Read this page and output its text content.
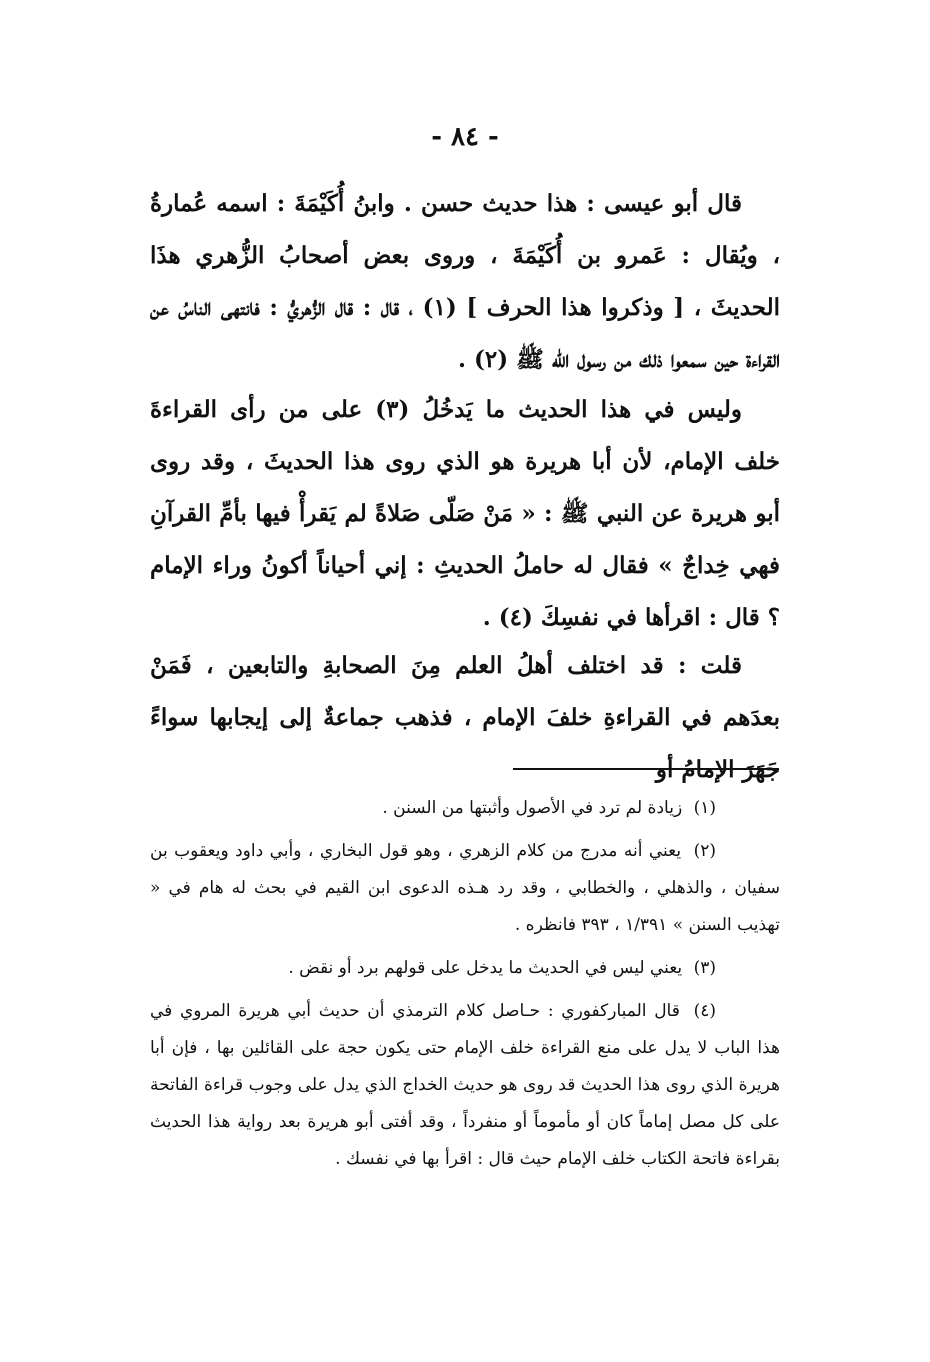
- ٨٤ -

قال أبو عيسى : هذا حديث حسن . وابنُ أُكَيْمَةَ : اسمه عُمارةُ ، ويُقال : عَمرو بن أُكَيْمَةَ ، وروى بعض أصحابُ الزُّهري هذَا الحديثَ ، [ وذكروا هذا الحرف ] (١) ، قال : قال الزُّهريُّ : فانتهى الناسُ عن القراءة حين سمعوا ذلك من رسول الله ﷺ (٢) .

وليس في هذا الحديث ما يَدخُلُ (٣) على من رأى القراءةَ خلف الإمام، لأن أبا هريرة هو الذي روى هذا الحديثَ ، وقد روى أبو هريرة عن النبي ﷺ : « مَنْ صَلّى صَلاةً لم يَقرأْ فيها بأمِّ القرآنِ فهي خِداجٌ » فقال له حاملُ الحديثِ : إني أحياناً أكونُ وراء الإمام ؟ قال : اقرأها في نفسِكَ (٤) .

قلت : قد اختلف أهلُ العلم مِنَ الصحابةِ والتابعين ، فَمَنْ بعدَهم في القراءةِ خلفَ الإمام ، فذهب جماعةٌ إلى إيجابها سواءً جَهَرَ الإمامُ أو

(١) زيادة لم ترد في الأصول وأثبتها من السنن .

(٢) يعني أنه مدرج من كلام الزهري ، وهو قول البخاري ، وأبي داود ويعقوب بن سفيان ، والذهلي ، والخطابي ، وقد رد هـذه الدعوى ابن القيم في بحث له هام في « تهذيب السنن » ١/٣٩١ ، ٣٩٣ فانظره .

(٣) يعني ليس في الحديث ما يدخل على قولهم برد أو نقض .

(٤) قال المباركفوري : حـاصل كلام الترمذي أن حديث أبي هريرة المروي في هذا الباب لا يدل على منع القراءة خلف الإمام حتى يكون حجة على القائلين بها ، فإن أبا هريرة الذي روى هذا الحديث قد روى هو حديث الخداج الذي يدل على وجوب قراءة الفاتحة على كل مصل إماماً كان أو مأموماً أو منفرداً ، وقد أفتى أبو هريرة بعد رواية هذا الحديث بقراءة فاتحة الكتاب خلف الإمام حيث قال : اقرأ بها في نفسك .
